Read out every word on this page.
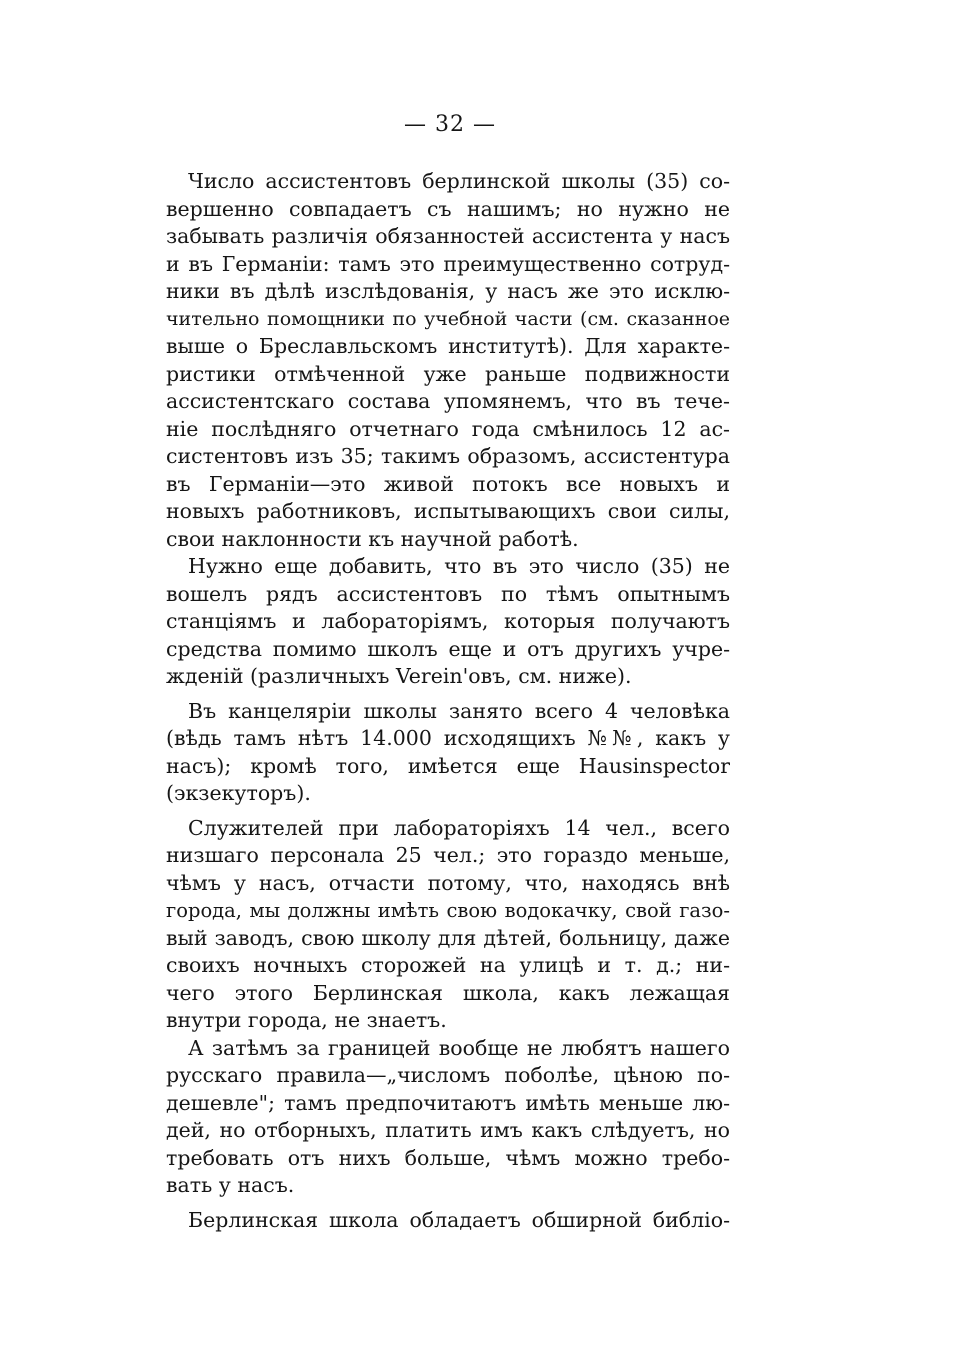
— 32 —
Число ассистентовъ берлинской школы (35) со-
вершенно совпадаетъ съ нашимъ; но нужно не
забывать различія обязанностей ассистента у насъ
и въ Германіи: тамъ это преимущественно сотруд-
ники въ дѣлѣ изслѣдованія, у насъ же это исклю-
чительно помощники по учебной части (см. сказанное
выше о Бреславльскомъ институтѣ). Для характе-
ристики отмѣченной уже раньше подвижности
ассистентскаго состава упомянемъ, что въ тече-
ніе послѣдняго отчетнаго года смѣнилось 12 ас-
систентовъ изъ 35; такимъ образомъ, ассистентура
въ Германіи—это живой потокъ все новыхъ и
новыхъ работниковъ, испытывающихъ свои силы,
свои наклонности къ научной работѣ.
Нужно еще добавить, что въ это число (35) не
вошелъ рядъ ассистентовъ по тѣмъ опытнымъ
станціямъ и лабораторіямъ, которыя получаютъ
средства помимо школъ еще и отъ другихъ учре-
жденій (различныхъ Verein'овъ, см. ниже).
Въ канцеляріи школы занято всего 4 человѣка
(вѣдь тамъ нѣтъ 14.000 исходящихъ №№, какъ у
насъ); кромѣ того, имѣется еще Hausinspector
(экзекуторъ).
Служителей при лабораторіяхъ 14 чел., всего
низшаго персонала 25 чел.; это гораздо меньше,
чѣмъ у насъ, отчасти потому, что, находясь внѣ
города, мы должны имѣть свою водокачку, свой газо-
вый заводъ, свою школу для дѣтей, больницу, даже
своихъ ночныхъ сторожей на улицѣ и т. д.; ни-
чего этого Берлинская школа, какъ лежащая
внутри города, не знаетъ.
А затѣмъ за границей вообще не любятъ нашего
русскаго правила—„числомъ поболѣе, цѣною по-
дешевле"; тамъ предпочитаютъ имѣть меньше лю-
дей, но отборныхъ, платить имъ какъ слѣдуетъ, но
требовать отъ нихъ больше, чѣмъ можно требо-
вать у насъ.
Берлинская школа обладаетъ обширной библіо-
